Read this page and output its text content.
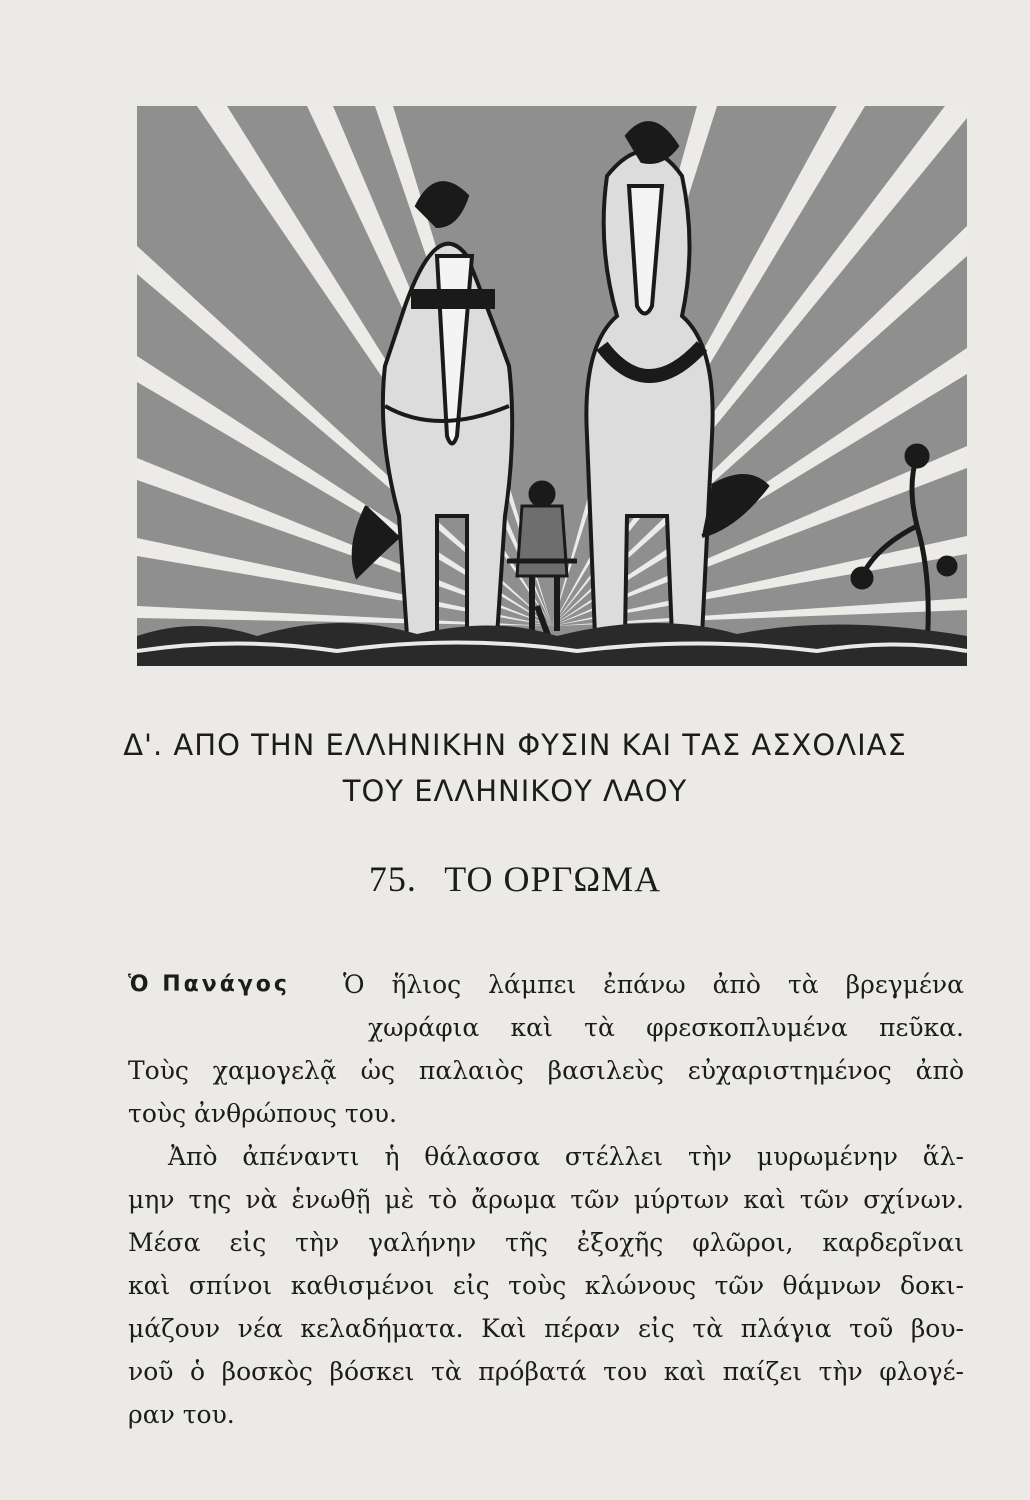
Δ'. ΑΠΟ ΤΗΝ ΕΛΛΗΝΙΚΗΝ ΦΥΣΙΝ ΚΑΙ ΤΑΣ ΑΣΧΟΛΙΑΣ
ΤΟΥ ΕΛΛΗΝΙΚΟΥ ΛΑΟΥ
75. ΤΟ ΟΡΓΩΜΑ
Ὁ Πανάγος	Ὁ ἥλιος λάμπει ἐπάνω ἀπὸ τὰ βρεγμένα
χωράφια καὶ τὰ φρεσκοπλυμένα πεῦκα.
Τοὺς χαμογελᾷ ὡς παλαιὸς βασιλεὺς εὐχαριστημένος ἀπὸ
τοὺς ἀνθρώπους του.
Ἀπὸ ἀπέναντι ἡ θάλασσα στέλλει τὴν μυρωμένην ἅλ-
μην της νὰ ἑνωθῇ μὲ τὸ ἄρωμα τῶν μύρτων καὶ τῶν σχίνων.
Μέσα εἰς τὴν γαλήνην τῆς ἐξοχῆς φλῶροι, καρδερῖναι
καὶ σπίνοι καθισμένοι εἰς τοὺς κλώνους τῶν θάμνων δοκι-
μάζουν νέα κελαδήματα. Καὶ πέραν εἰς τὰ πλάγια τοῦ βου-
νοῦ ὁ βοσκὸς βόσκει τὰ πρόβατά του καὶ παίζει τὴν φλογέ-
ραν του.
